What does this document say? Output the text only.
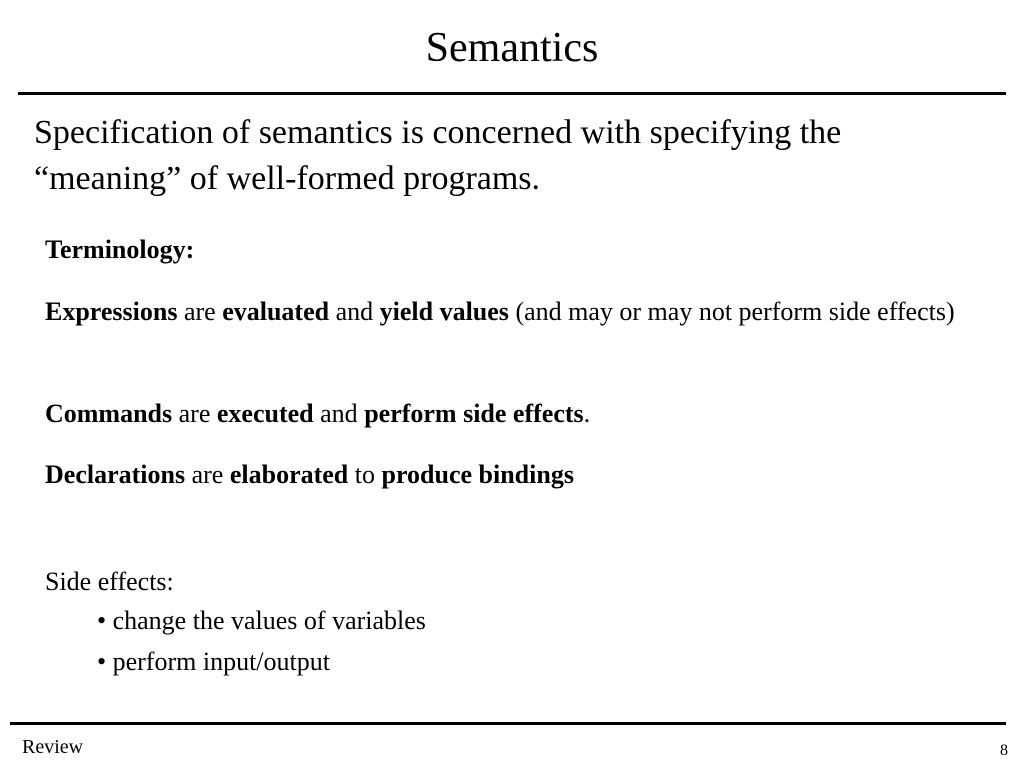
Semantics
Specification of semantics is concerned with specifying the “meaning” of well-formed programs.
Terminology:
Expressions are evaluated and yield values (and may or may not perform side effects)
Commands are executed and perform side effects.
Declarations are elaborated to produce bindings
Side effects:
• change the values of variables
• perform input/output
Review	8
